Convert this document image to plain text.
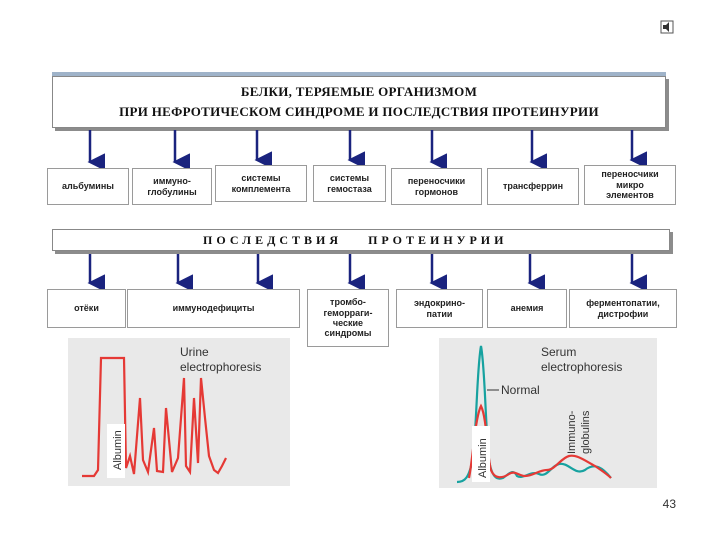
БЕЛКИ, ТЕРЯЕМЫЕ ОРГАНИЗМОМ
ПРИ НЕФРОТИЧЕСКОМ СИНДРОМЕ И ПОСЛЕДСТВИЯ ПРОТЕИНУРИИ
альбумины
иммуно-
глобулины
системы
комплемента
системы
гемостаза
переносчики
гормонов
трансферрин
переносчики
микро
элементов
ПОСЛЕДСТВИЯ ПРОТЕИНУРИИ
отёки	иммунодефициты
тромбо-
геморраги-
ческие
синдромы
эндокрино-
патии
анемия
ферментопатии,
дистрофии
Urine
electrophoresis
Albumin
Serum
electrophoresis
Normal
Albumin
Immuno- globulins
43
